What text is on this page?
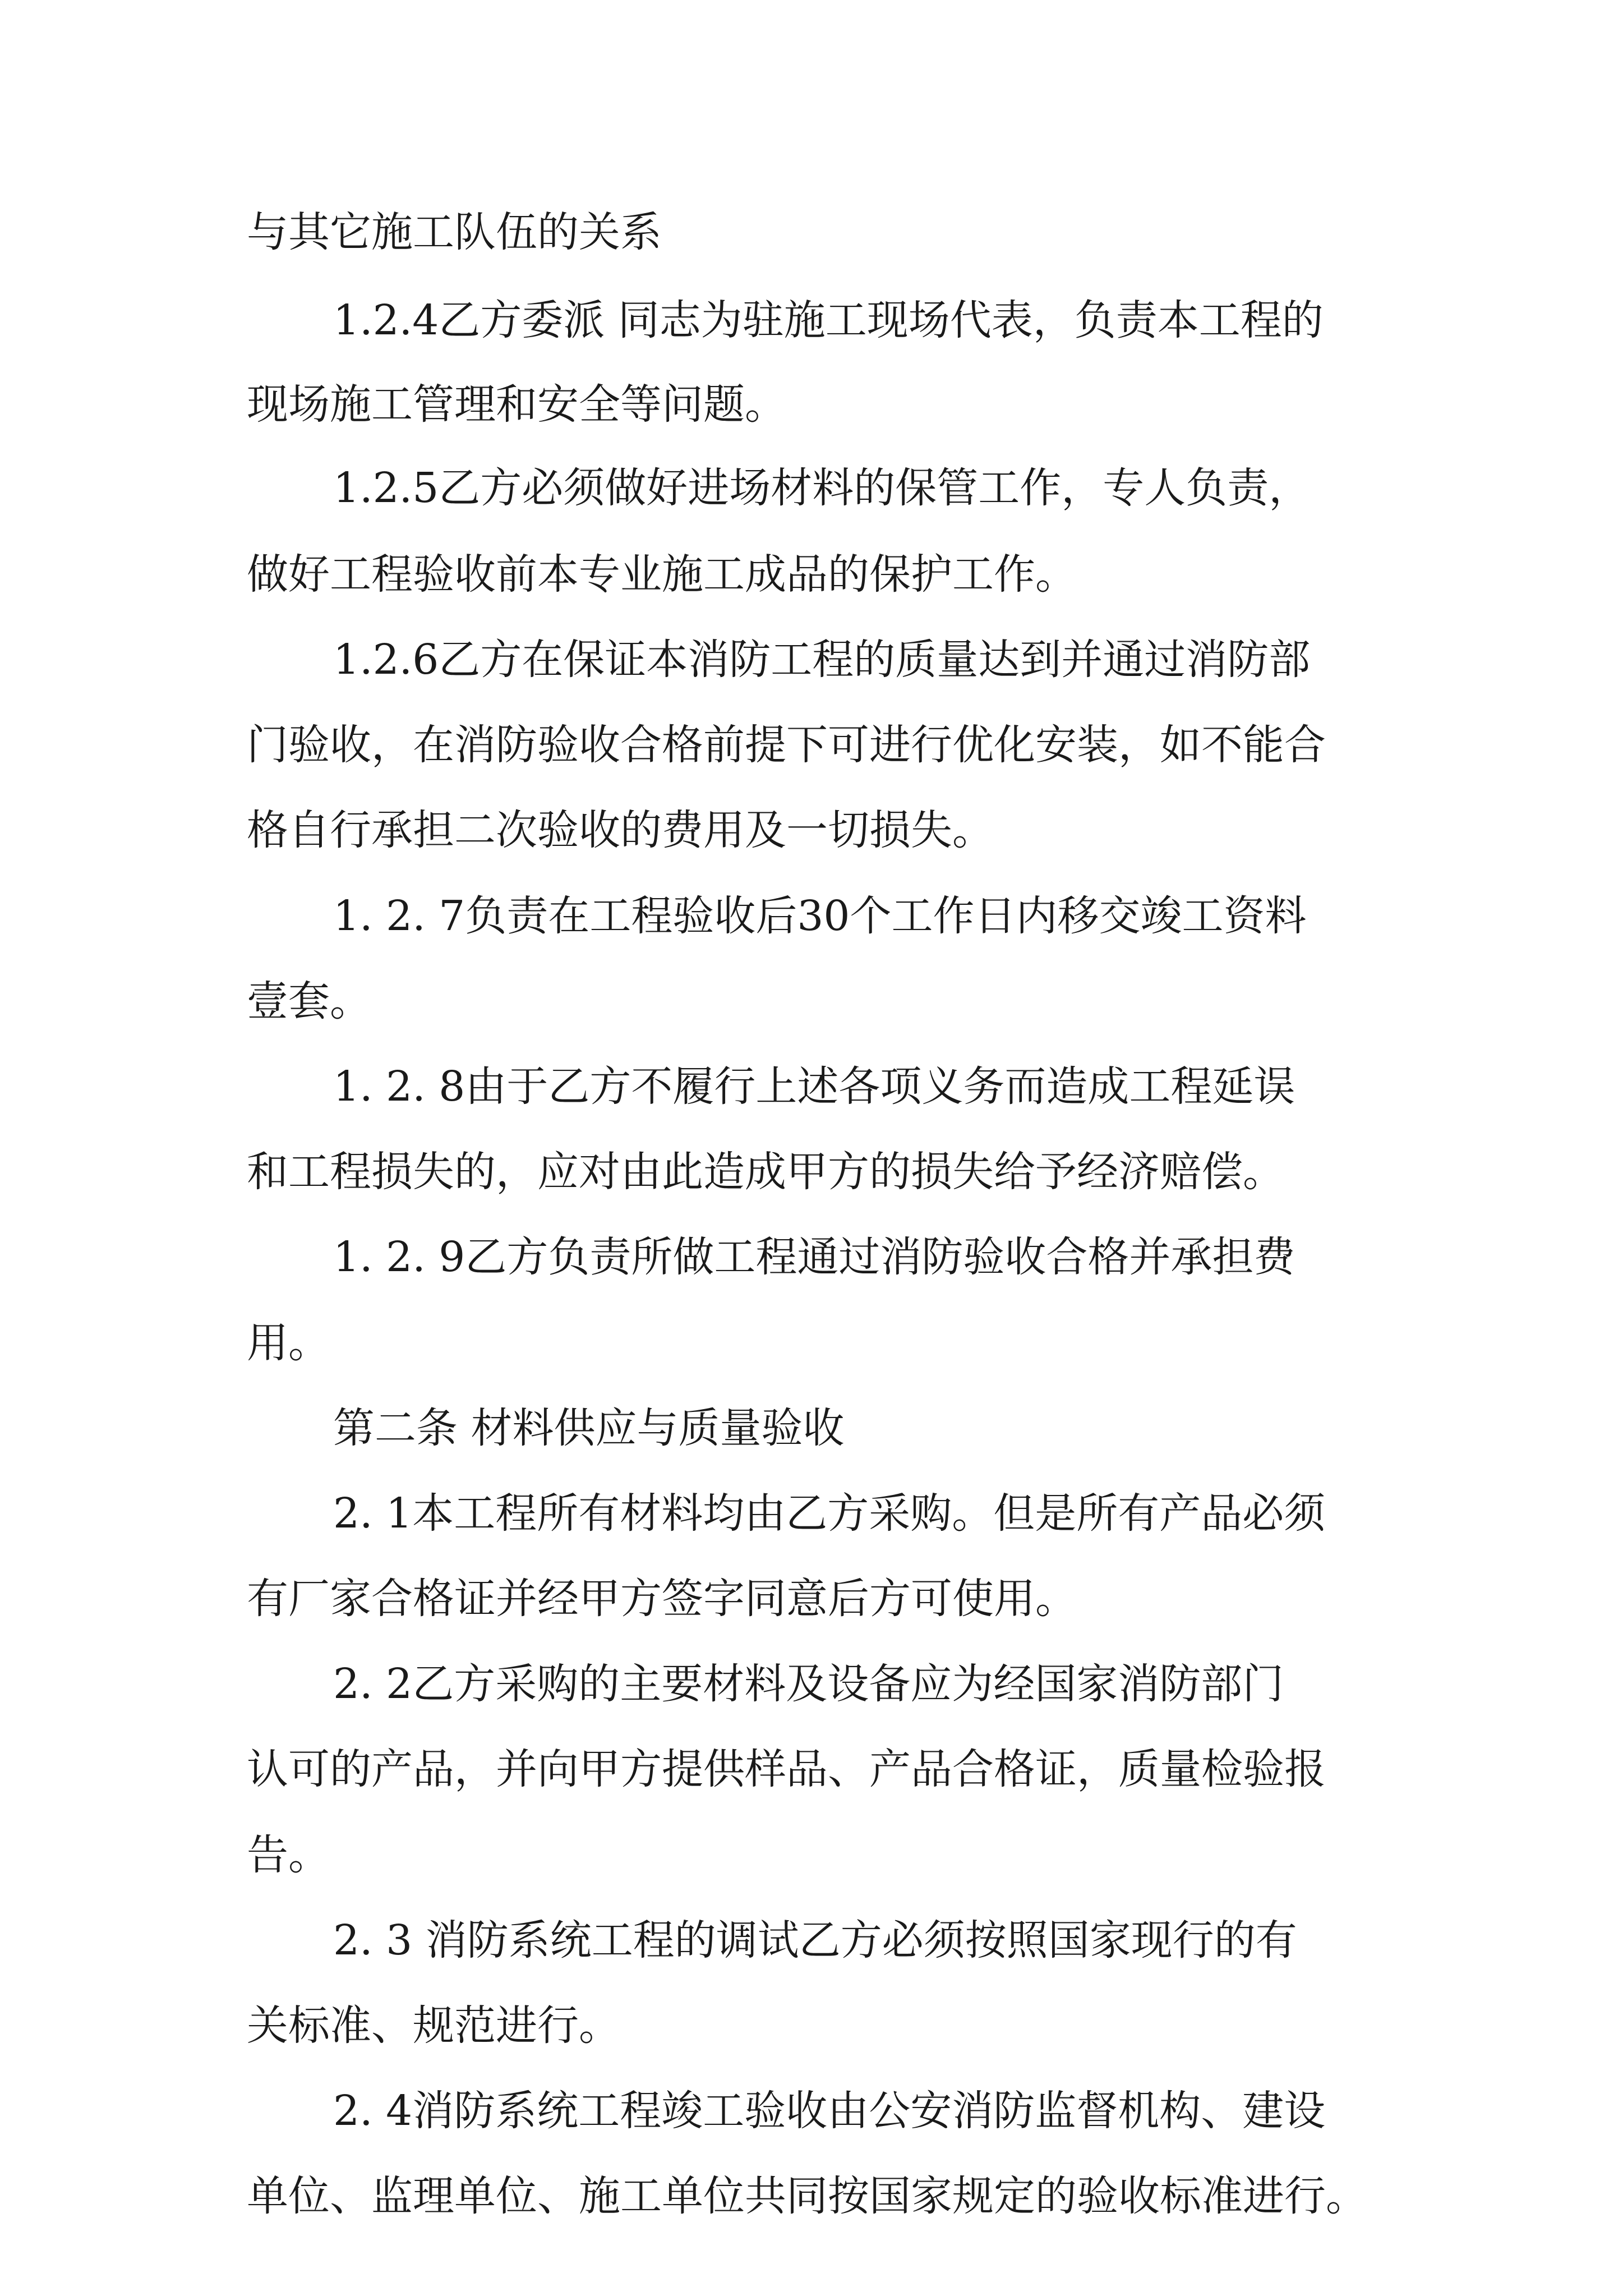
与其它施工队伍的关系
1.2.4乙方委派 同志为驻施工现场代表，负责本工程的
现场施工管理和安全等问题。
1.2.5乙方必须做好进场材料的保管工作，专人负责，
做好工程验收前本专业施工成品的保护工作。
1.2.6乙方在保证本消防工程的质量达到并通过消防部
门验收，在消防验收合格前提下可进行优化安装，如不能合
格自行承担二次验收的费用及一切损失。
1. 2. 7负责在工程验收后30个工作日内移交竣工资料
壹套。
1. 2. 8由于乙方不履行上述各项义务而造成工程延误
和工程损失的，应对由此造成甲方的损失给予经济赔偿。
1. 2. 9乙方负责所做工程通过消防验收合格并承担费
用。
第二条 材料供应与质量验收
2. 1本工程所有材料均由乙方采购。但是所有产品必须
有厂家合格证并经甲方签字同意后方可使用。
2. 2乙方采购的主要材料及设备应为经国家消防部门
认可的产品，并向甲方提供样品、产品合格证，质量检验报
告。
2. 3 消防系统工程的调试乙方必须按照国家现行的有
关标准、规范进行。
2. 4消防系统工程竣工验收由公安消防监督机构、建设
单位、监理单位、施工单位共同按国家规定的验收标准进行。
